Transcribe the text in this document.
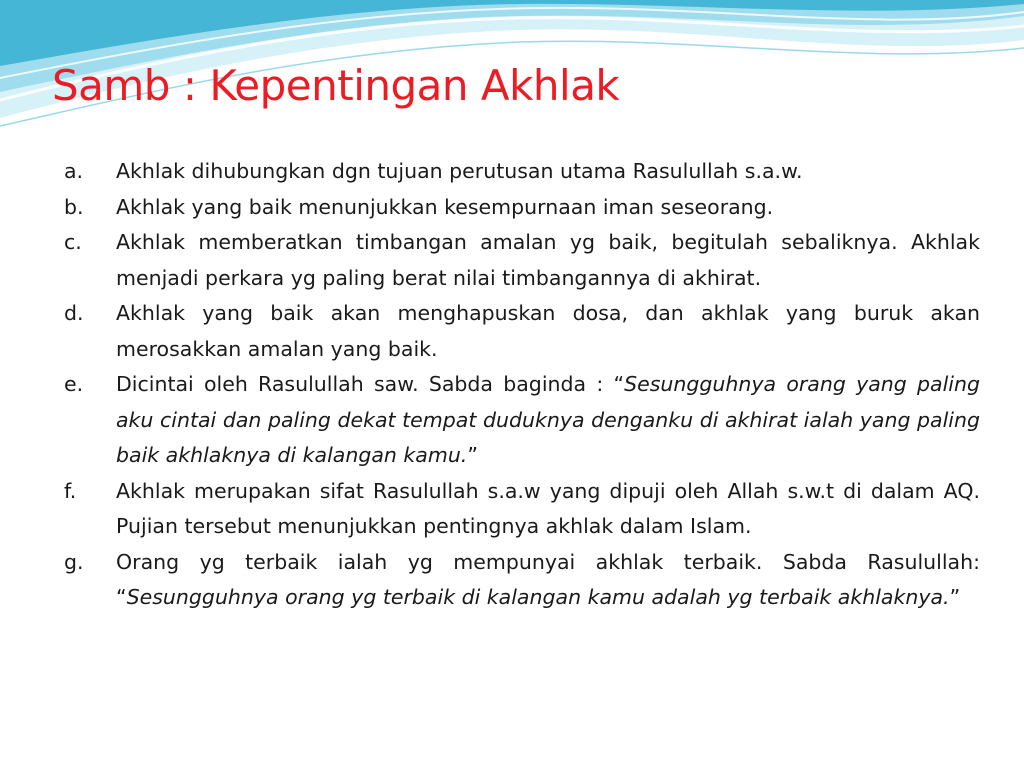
Samb : Kepentingan Akhlak
a.	Akhlak dihubungkan dgn tujuan perutusan utama Rasulullah s.a.w.
b.	Akhlak yang baik menunjukkan kesempurnaan iman seseorang.
c.	Akhlak memberatkan timbangan amalan yg baik, begitulah sebaliknya. Akhlak menjadi perkara yg paling berat nilai timbangannya di akhirat.
d.	Akhlak yang baik akan menghapuskan dosa, dan akhlak yang buruk akan merosakkan amalan yang baik.
e.	Dicintai oleh Rasulullah saw. Sabda baginda : “Sesungguhnya orang yang paling aku cintai dan paling dekat tempat duduknya denganku di akhirat ialah yang paling baik akhlaknya di kalangan kamu.”
f.	Akhlak merupakan sifat Rasulullah s.a.w yang dipuji oleh Allah s.w.t di dalam AQ. Pujian tersebut menunjukkan pentingnya akhlak dalam Islam.
g.	Orang yg terbaik ialah yg mempunyai akhlak terbaik. Sabda Rasulullah: “Sesungguhnya orang yg terbaik di kalangan kamu adalah yg terbaik akhlaknya.”
